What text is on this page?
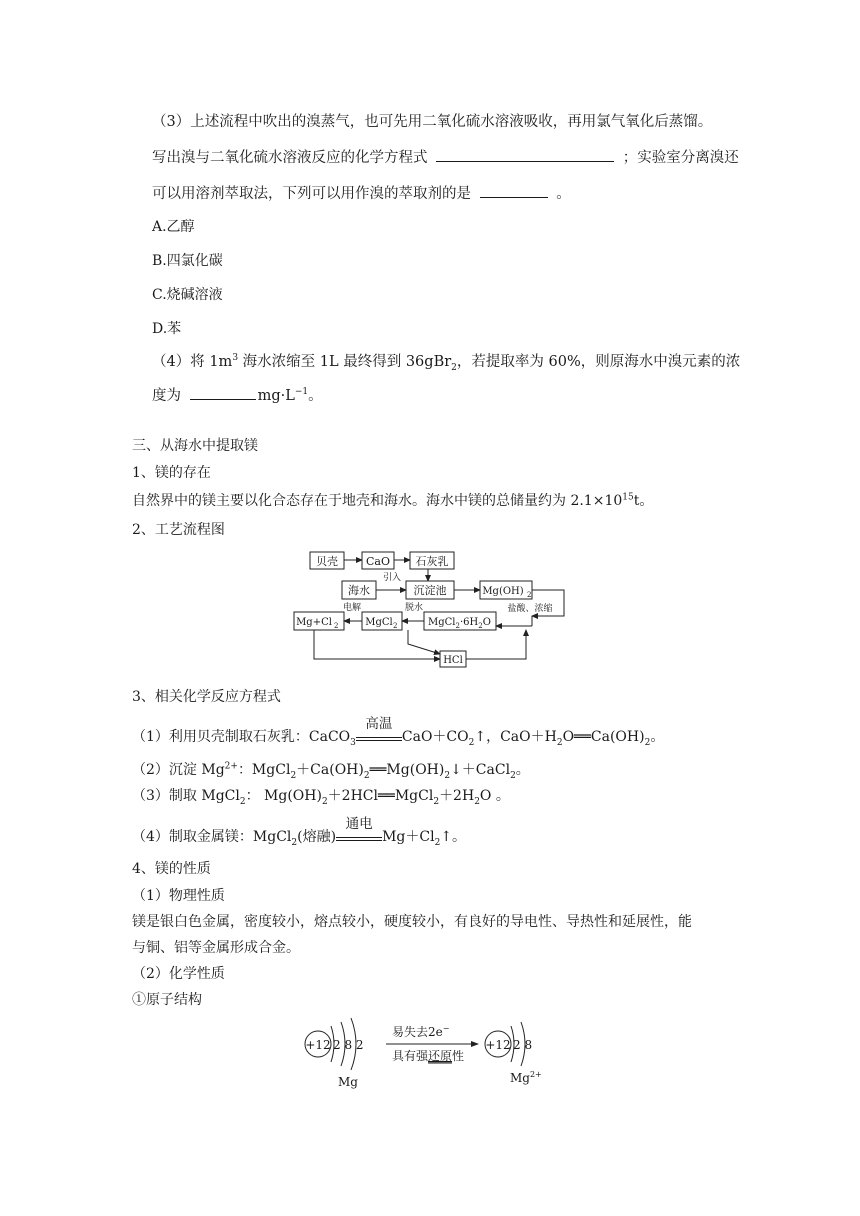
（3）上述流程中吹出的溴蒸气，也可先用二氧化硫水溶液吸收，再用氯气氧化后蒸馏。
写出溴与二氧化硫水溶液反应的化学方程式	；实验室分离溴还
可以用溶剂萃取法，下列可以用作溴的萃取剂的是	。
A.乙醇
B.四氯化碳
C.烧碱溶液
D.苯
（4）将 $1m^3$ 海水浓缩至 1L 最终得到 36gBr$_2$，若提取率为 60%，则原海水中溴元素的浓
度为	$mg\cdot L^{-1}$。
三、从海水中提取镁
1、镁的存在
自然界中的镁主要以化合态存在于地壳和海水。海水中镁的总储量约为 $2.1\times 10^{15}t$。
2、工艺流程图
贝壳	CaO 石灰乳
海水
引入
沉淀池	Mg(OH) 2
盐酸、浓缩
Mg+Cl 2
电解
MgCl 2
脱水
$MgCl_2\cdot 6H_2O$
HCl
3、相关化学反应方程式
（1）利用贝壳制取石灰乳：CaCO$_3$
高温
$CaO+CO_2↑$，$CaO+H_2O══Ca(OH)_2$。
（2）沉淀 $Mg^{2+}$：$MgCl_2+Ca(OH)_2══Mg(OH)_2↓+CaCl_2$。
（3）制取 MgCl$_2$： $Mg(OH)_2+2HCl══MgCl_2+2H_2O$ 。
（4）制取金属镁：MgCl$_2$(熔融)
通电
$Mg+Cl_2↑$。
4、镁的性质
（1）物理性质
镁是银白色金属，密度较小，熔点较小，硬度较小，有良好的导电性、导热性和延展性，能
与铜、铝等金属形成合金。
（2）化学性质
①原子结构
+12 2 8 2
Mg
易失去2e−
具有强还原性
+12 2 8
$Mg^{2+}$
